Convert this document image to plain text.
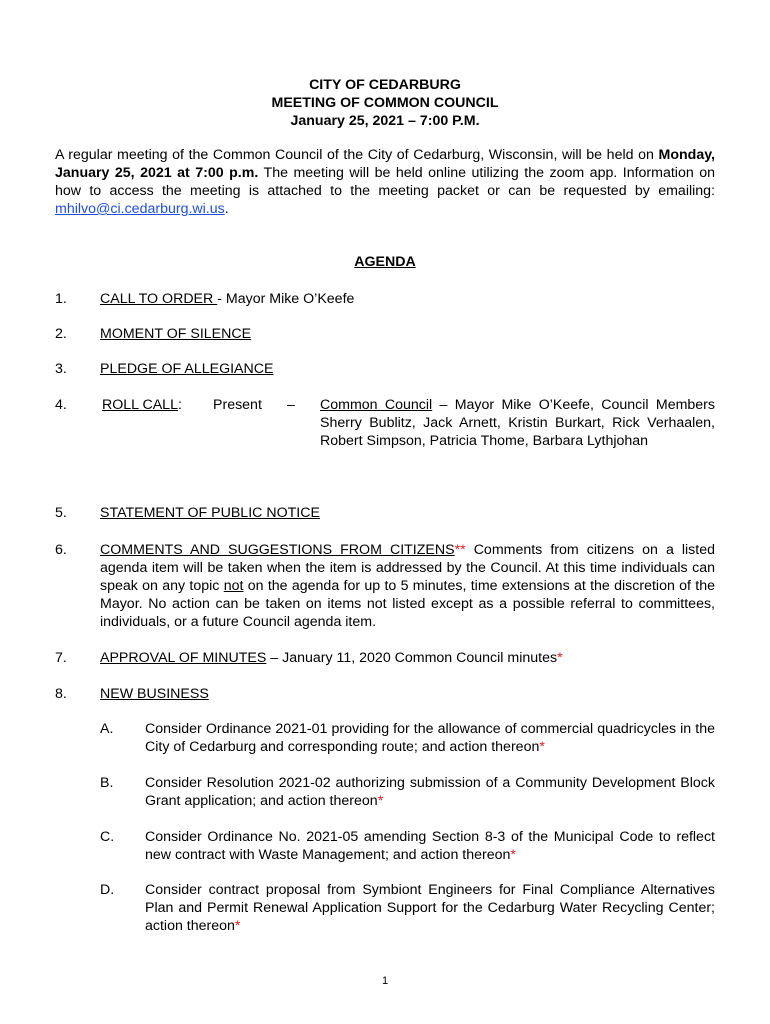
CITY OF CEDARBURG
MEETING OF COMMON COUNCIL
January 25, 2021 – 7:00 P.M.
A regular meeting of the Common Council of the City of Cedarburg, Wisconsin, will be held on Monday, January 25, 2021 at 7:00 p.m. The meeting will be held online utilizing the zoom app. Information on how to access the meeting is attached to the meeting packet or can be requested by emailing: mhilvo@ci.cedarburg.wi.us.
AGENDA
1. CALL TO ORDER - Mayor Mike O’Keefe
2. MOMENT OF SILENCE
3. PLEDGE OF ALLEGIANCE
4. ROLL CALL: Present – Common Council – Mayor Mike O’Keefe, Council Members Sherry Bublitz, Jack Arnett, Kristin Burkart, Rick Verhaalen, Robert Simpson, Patricia Thome, Barbara Lythjohan
5. STATEMENT OF PUBLIC NOTICE
6. COMMENTS AND SUGGESTIONS FROM CITIZENS** Comments from citizens on a listed agenda item will be taken when the item is addressed by the Council. At this time individuals can speak on any topic not on the agenda for up to 5 minutes, time extensions at the discretion of the Mayor. No action can be taken on items not listed except as a possible referral to committees, individuals, or a future Council agenda item.
7. APPROVAL OF MINUTES – January 11, 2020 Common Council minutes*
8. NEW BUSINESS
A. Consider Ordinance 2021-01 providing for the allowance of commercial quadricycles in the City of Cedarburg and corresponding route; and action thereon*
B. Consider Resolution 2021-02 authorizing submission of a Community Development Block Grant application; and action thereon*
C. Consider Ordinance No. 2021-05 amending Section 8-3 of the Municipal Code to reflect new contract with Waste Management; and action thereon*
D. Consider contract proposal from Symbiont Engineers for Final Compliance Alternatives Plan and Permit Renewal Application Support for the Cedarburg Water Recycling Center; action thereon*
1
